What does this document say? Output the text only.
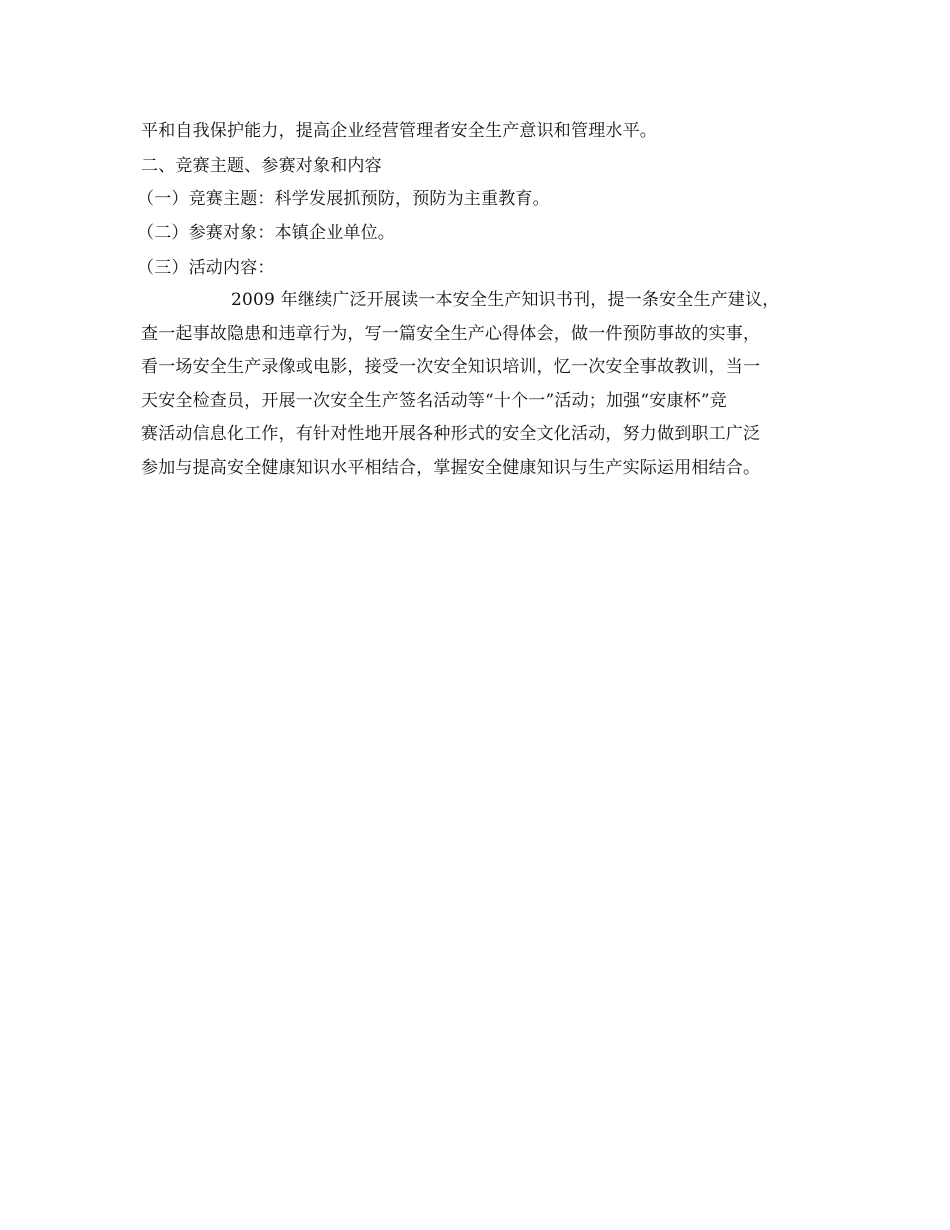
平和自我保护能力，提高企业经营管理者安全生产意识和管理水平。
二、竞赛主题、参赛对象和内容
（一）竞赛主题：科学发展抓预防，预防为主重教育。
（二）参赛对象：本镇企业单位。
（三）活动内容：
2009 年继续广泛开展读一本安全生产知识书刊，提一条安全生产建议，
查一起事故隐患和违章行为，写一篇安全生产心得体会，做一件预防事故的实事，
看一场安全生产录像或电影，接受一次安全知识培训，忆一次安全事故教训，当一
天安全检查员，开展一次安全生产签名活动等“十个一”活动；加强“安康杯”竞
赛活动信息化工作，有针对性地开展各种形式的安全文化活动，努力做到职工广泛
参加与提高安全健康知识水平相结合，掌握安全健康知识与生产实际运用相结合。
